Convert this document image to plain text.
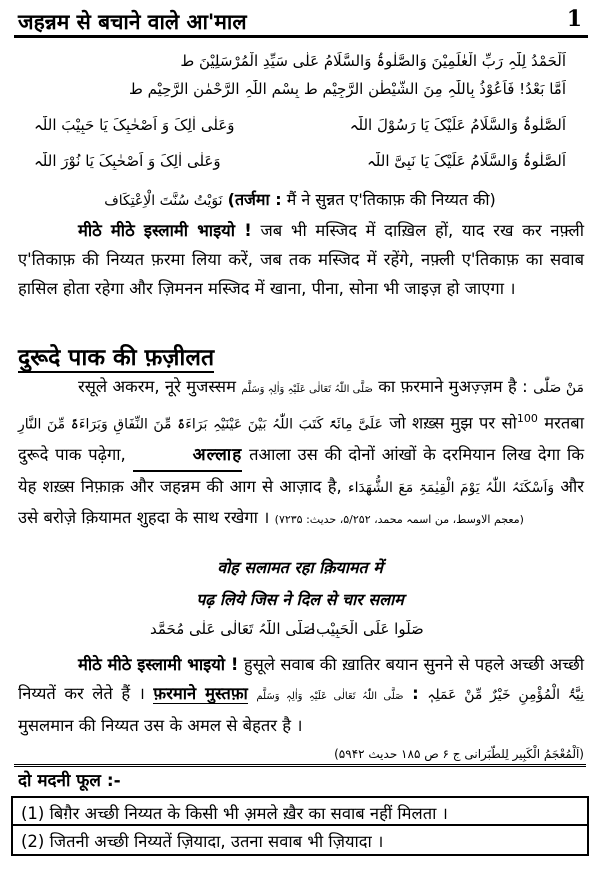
जहन्नम से बचाने वाले आ'माल	1
اَلْحَمْدُ لِلّٰہِ رَبِّ الْعٰلَمِیْنَ وَالصَّلٰوۃُ وَالسَّلَامُ عَلٰی سَیِّدِ الْمُرْسَلِیْنَ ط
اَمَّا بَعْدُ! فَاَعُوْذُ بِاللّٰہِ مِنَ الشَّیْطٰنِ الرَّجِیْمِ ط بِسْمِ اللّٰہِ الرَّحْمٰنِ الرَّحِیْمِ ط
اَلصَّلٰوۃُ وَالسَّلَامُ عَلَیْکَ یَا رَسُوْلَ اللّٰہ
وَعَلٰی اٰلِکَ وَ اَصْحٰبِکَ یَا حَبِیْبَ اللّٰہ
اَلصَّلٰوۃُ وَالسَّلَامُ عَلَیْکَ یَا نَبِیَّ اللّٰہ
وَعَلٰی اٰلِکَ وَ اَصْحٰبِکَ یَا نُوْرَ اللّٰہ
نَوَیْتُ سُنَّتَ الْاِعْتِکَاف (तर्जमा : मैं ने सुन्नत ए'तिकाफ़ की निय्यत की)

मीठे मीठे इस्लामी भाइयो ! जब भी मस्जिद में दाख़िल हों, याद रख कर नफ़्ली ए'तिकाफ़ की निय्यत फ़रमा लिया करें, जब तक मस्जिद में रहेंगे, नफ़्ली ए'तिकाफ़ का सवाब हासिल होता रहेगा और ज़िमनन मस्जिद में खाना, पीना, सोना भी जाइज़ हो जाएगा ।

दुरूदे पाक की फ़ज़ीलत

रसूले अकरम, नूरे मुजस्सम صَلَّی اللّٰہُ تَعَالٰی عَلَیْہِ وَاٰلِہٖ وَسَلَّم का फ़रमाने मुअज़्ज़म है : مَنْ صَلّٰی عَلَیَّ مِائَۃً کَتَبَ اللّٰہُ بَیْنَ عَیْنَیْہِ بَرَاءَۃً مِّنَ النِّفَاقِ وَبَرَاءَۃً مِّنَ النَّارِ जो शख़्स मुझ पर सो$^{100}$ मरतबा दुरूदे पाक पढ़ेगा,	अल्लाह तआला उस की दोनों आंखों के दरमियान लिख देगा कि येह शख़्स निफ़ाक़ और जहन्नम की आग से आज़ाद है, وَاَسْکَنَہُ اللّٰہُ یَوْمَ الْقِیٰمَۃِ مَعَ الشُّھَدَاء और उसे बरोज़े क़ियामत शुहदा के साथ रखेगा । (معجم الاوسط، من اسمہ محمد، ۵/۲۵۲، حدیث: ۷۲۳۵)

वोह सलामत रहा क़ियामत में
पढ़ लिये जिस ने दिल से चार सलाम
صَلُّوا عَلَی الْحَبِیْب!
صَلَّی اللّٰہُ تَعَالٰی عَلٰی مُحَمَّد

मीठे मीठे इस्लामी भाइयो ! हुसूले सवाब की ख़ातिर बयान सुनने से पहले अच्छी अच्छी निय्यतें कर लेते हैं । फ़रमाने मुस्तफ़ा صَلَّی اللّٰہُ تَعَالٰی عَلَیْہِ وَاٰلِہٖ وَسَلَّم : نِیَّۃُ الْمُؤْمِنِ خَیْرٌ مِّنْ عَمَلِہٖ मुसलमान की निय्यत उस के अमल से बेहतर है ।

(اَلْمُعْجَمُ الْکَبِیر لِلطّبَرانی ج ۶ ص ۱۸۵ حدیث ۵۹۴۲)

दो मदनी फूल :-
(1) बिग़ैर अच्छी निय्यत के किसी भी अ़मले ख़ैर का सवाब नहीं मिलता ।
(2) जितनी अच्छी निय्यतें ज़ियादा, उतना सवाब भी ज़ियादा ।
